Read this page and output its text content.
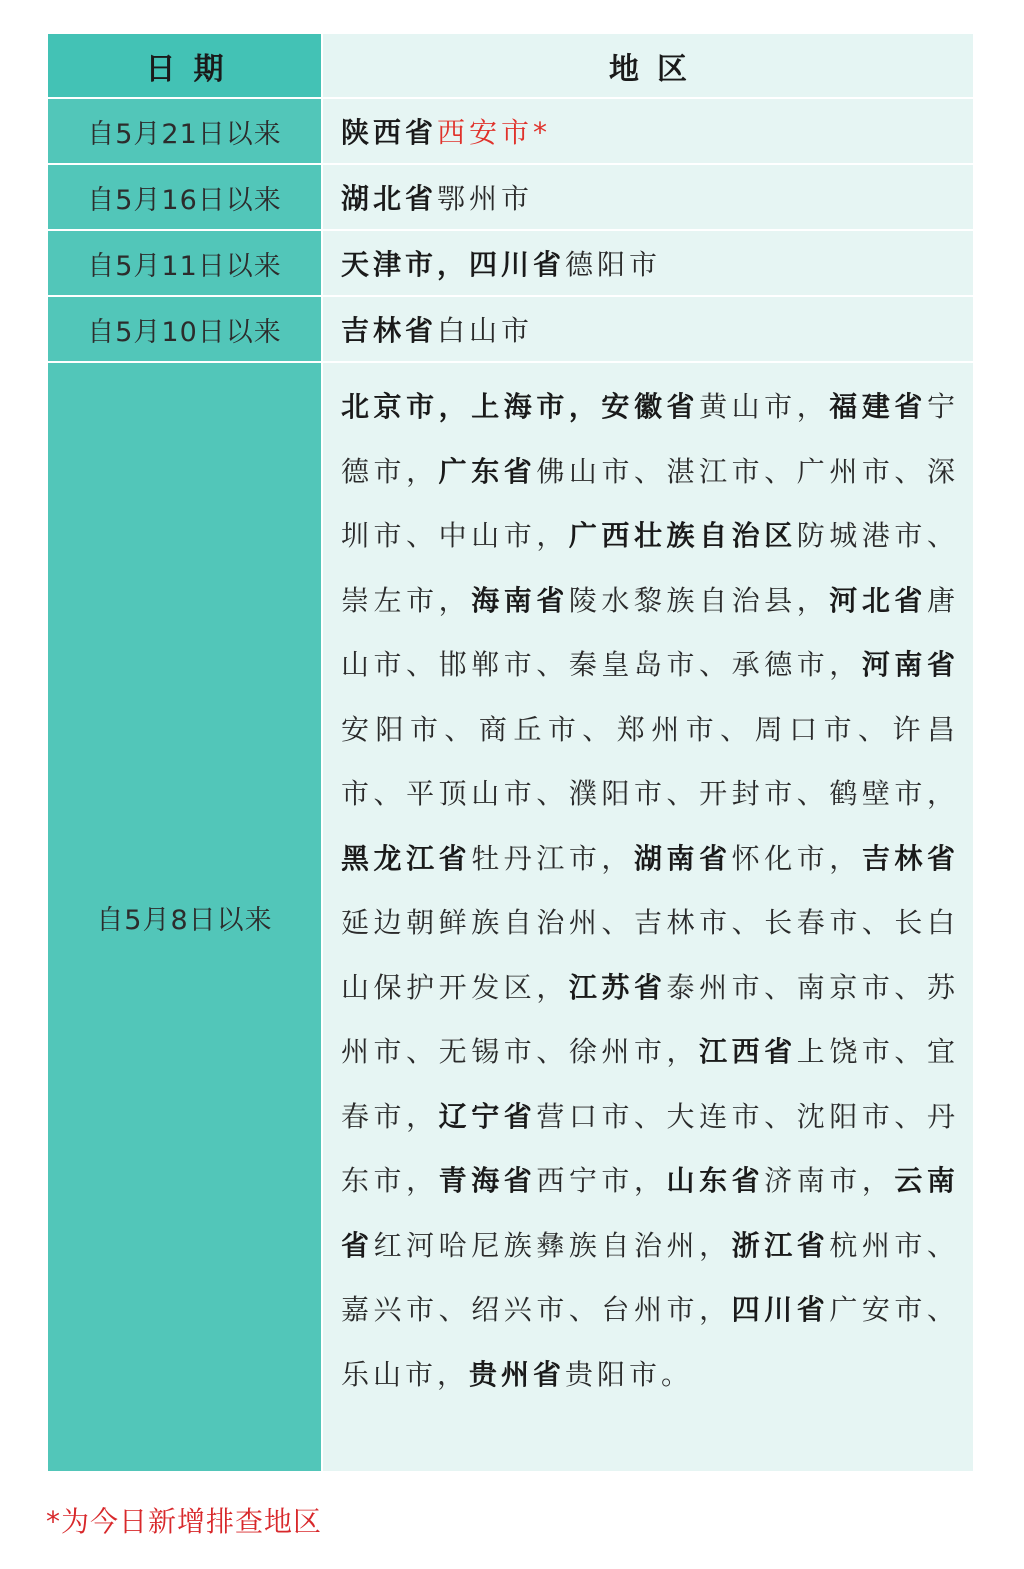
日期	地区
自5月21日以来	陕西省西安市*
自5月16日以来	湖北省鄂州市
自5月11日以来	天津市，四川省德阳市
自5月10日以来	吉林省白山市
自5月8日以来	北京市，上海市，安徽省黄山市，福建省宁德市，广东省佛山市、湛江市、广州市、深圳市、中山市，广西壮族自治区防城港市、崇左市，海南省陵水黎族自治县，河北省唐山市、邯郸市、秦皇岛市、承德市，河南省安阳市、商丘市、郑州市、周口市、许昌市、平顶山市、濮阳市、开封市、鹤壁市，黑龙江省牡丹江市，湖南省怀化市，吉林省延边朝鲜族自治州、吉林市、长春市、长白山保护开发区，江苏省泰州市、南京市、苏州市、无锡市、徐州市，江西省上饶市、宜春市，辽宁省营口市、大连市、沈阳市、丹东市，青海省西宁市，山东省济南市，云南省红河哈尼族彝族自治州，浙江省杭州市、嘉兴市、绍兴市、台州市，四川省广安市、乐山市，贵州省贵阳市。
*为今日新增排查地区
